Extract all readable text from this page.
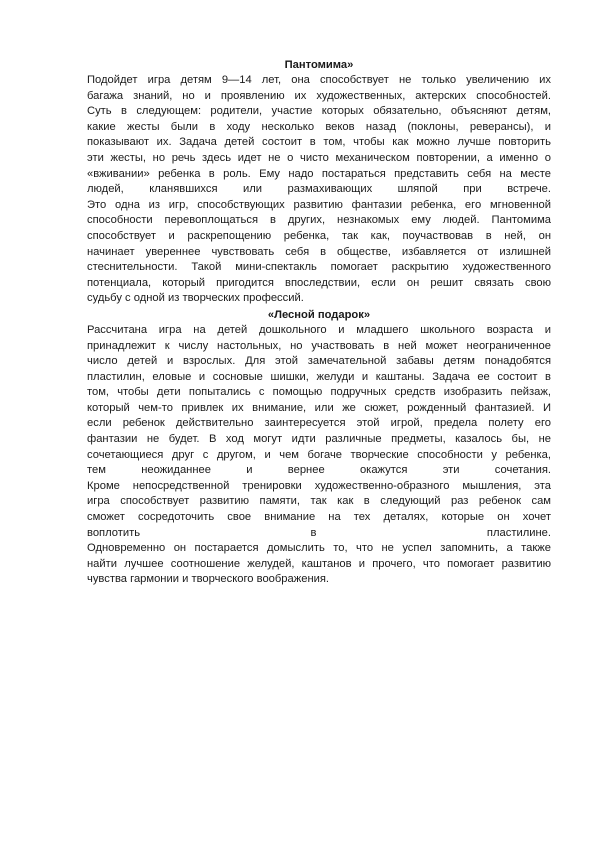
Пантомима»
Подойдет игра детям 9—14 лет, она способствует не только увеличению их
багажа знаний, но и проявлению их художественных, актерских способностей.
Суть в следующем: родители, участие которых обязательно, объясняют детям,
какие жесты были в ходу несколько веков назад (поклоны, реверансы), и
показывают их. Задача детей состоит в том, чтобы как можно лучше повторить
эти жесты, но речь здесь идет не о чисто механическом повторении, а именно о
«вживании» ребенка в роль. Ему надо постараться представить себя на месте
людей, кланявшихся или размахивающих шляпой при встрече.
Это одна из игр, способствующих развитию фантазии ребенка, его мгновенной
способности перевоплощаться в других, незнакомых ему людей. Пантомима
способствует и раскрепощению ребенка, так как, поучаствовав в ней, он
начинает увереннее чувствовать себя в обществе, избавляется от излишней
стеснительности. Такой мини-спектакль помогает раскрытию художественного
потенциала, который пригодится впоследствии, если он решит связать свою
судьбу с одной из творческих профессий.
«Лесной подарок»
Рассчитана игра на детей дошкольного и младшего школьного возраста и
принадлежит к числу настольных, но участвовать в ней может неограниченное
число детей и взрослых. Для этой замечательной забавы детям понадобятся
пластилин, еловые и сосновые шишки, желуди и каштаны. Задача ее состоит в
том, чтобы дети попытались с помощью подручных средств изобразить пейзаж,
который чем-то привлек их внимание, или же сюжет, рожденный фантазией. И
если ребенок действительно заинтересуется этой игрой, предела полету его
фантазии не будет. В ход могут идти различные предметы, казалось бы, не
сочетающиеся друг с другом, и чем богаче творческие способности у ребенка,
тем неожиданнее и вернее окажутся эти сочетания.
Кроме непосредственной тренировки художественно-образного мышления, эта
игра способствует развитию памяти, так как в следующий раз ребенок сам
сможет сосредоточить свое внимание на тех деталях, которые он хочет
воплотить в пластилине.
Одновременно он постарается домыслить то, что не успел запомнить, а также
найти лучшее соотношение желудей, каштанов и прочего, что помогает развитию
чувства гармонии и творческого воображения.
